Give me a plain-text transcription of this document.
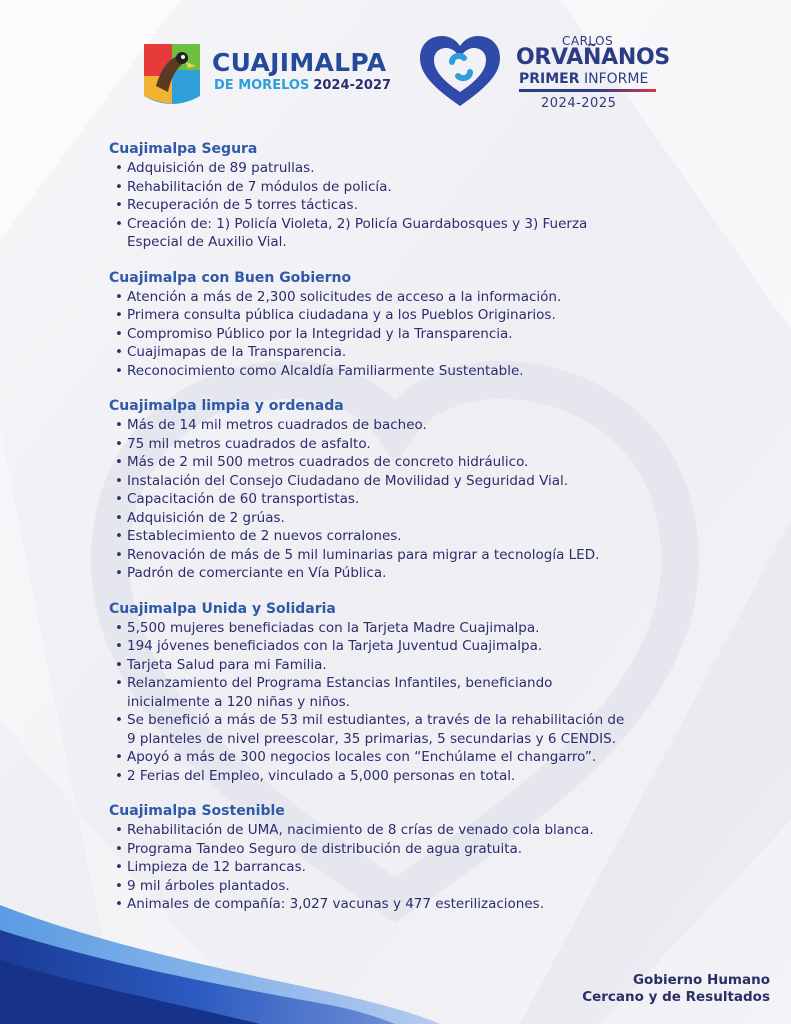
CUAJIMALPA
DE MORELOS 2024-2027
CARLOS
ORVAÑANOS
PRIMER INFORME
2024-2025
Cuajimalpa Segura
• Adquisición de 89 patrullas.
• Rehabilitación de 7 módulos de policía.
• Recuperación de 5 torres tácticas.
• Creación de: 1) Policía Violeta, 2) Policía Guardabosques y 3) Fuerza
Especial de Auxilio Vial.
Cuajimalpa con Buen Gobierno
• Atención a más de 2,300 solicitudes de acceso a la información.
• Primera consulta pública ciudadana y a los Pueblos Originarios.
• Compromiso Público por la Integridad y la Transparencia.
• Cuajimapas de la Transparencia.
• Reconocimiento como Alcaldía Familiarmente Sustentable.
Cuajimalpa limpia y ordenada
• Más de 14 mil metros cuadrados de bacheo.
• 75 mil metros cuadrados de asfalto.
• Más de 2 mil 500 metros cuadrados de concreto hidráulico.
• Instalación del Consejo Ciudadano de Movilidad y Seguridad Vial.
• Capacitación de 60 transportistas.
• Adquisición de 2 grúas.
• Establecimiento de 2 nuevos corralones.
• Renovación de más de 5 mil luminarias para migrar a tecnología LED.
• Padrón de comerciante en Vía Pública.
Cuajimalpa Unida y Solidaria
• 5,500 mujeres beneficiadas con la Tarjeta Madre Cuajimalpa.
• 194 jóvenes beneficiados con la Tarjeta Juventud Cuajimalpa.
• Tarjeta Salud para mi Familia.
• Relanzamiento del Programa Estancias Infantiles, beneficiando
inicialmente a 120 niñas y niños.
• Se benefició a más de 53 mil estudiantes, a través de la rehabilitación de
9 planteles de nivel preescolar, 35 primarias, 5 secundarias y 6 CENDIS.
• Apoyó a más de 300 negocios locales con “Enchúlame el changarro”.
• 2 Ferias del Empleo, vinculado a 5,000 personas en total.
Cuajimalpa Sostenible
• Rehabilitación de UMA, nacimiento de 8 crías de venado cola blanca.
• Programa Tandeo Seguro de distribución de agua gratuita.
• Limpieza de 12 barrancas.
• 9 mil árboles plantados.
• Animales de compañía: 3,027 vacunas y 477 esterilizaciones.
Gobierno Humano
Cercano y de Resultados
